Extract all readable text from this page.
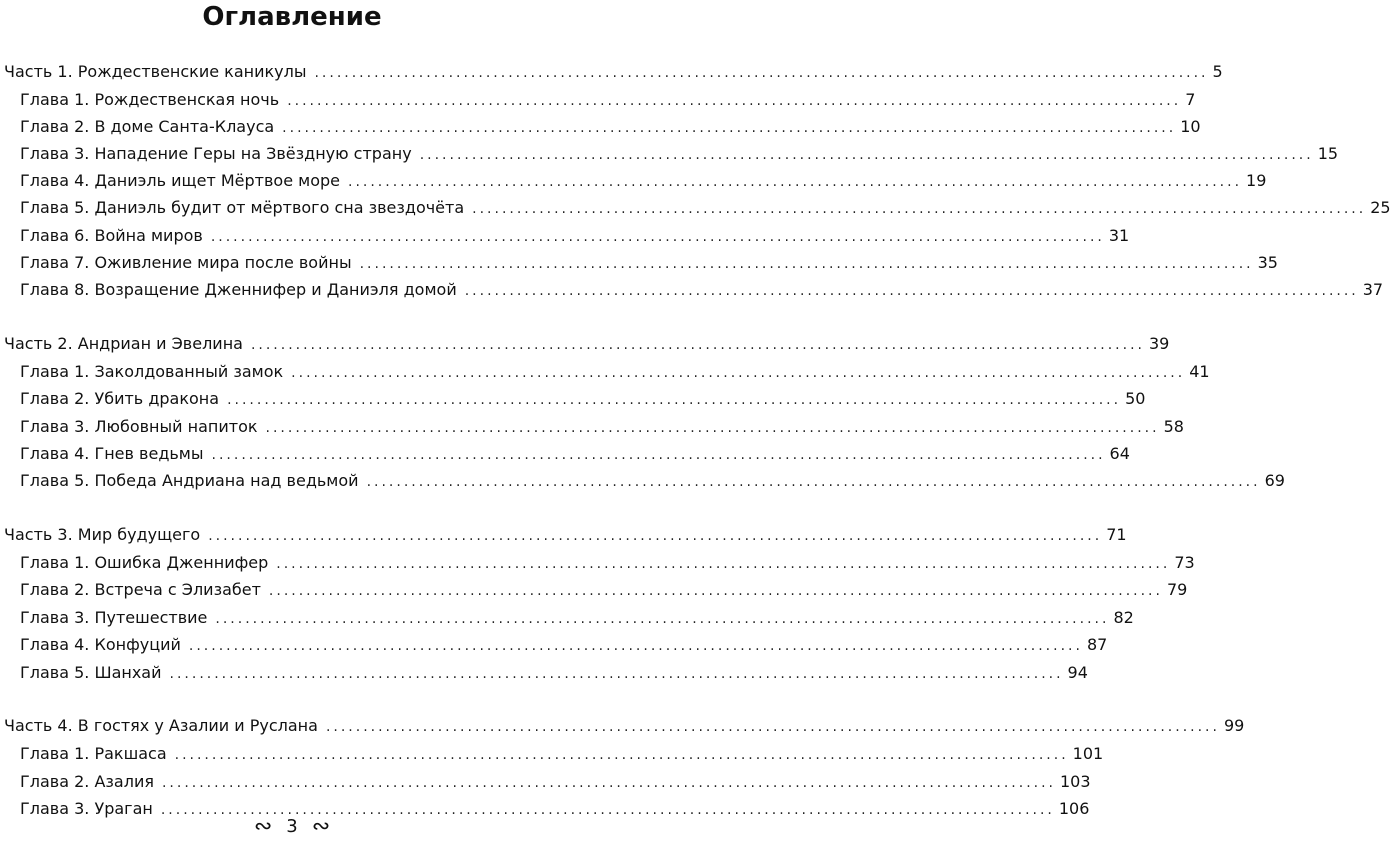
Оглавление
Часть 1. Рождественские каникулы ........................................................................................................................ 5
Глава 1. Рождественская ночь ........................................................................................................................ 7
Глава 2. В доме Санта-Клауса ........................................................................................................................ 10
Глава 3. Нападение Геры на Звёздную страну ........................................................................................................................ 15
Глава 4. Даниэль ищет Мёртвое море ........................................................................................................................ 19
Глава 5. Даниэль будит от мёртвого сна звездочёта ........................................................................................................................ 25
Глава 6. Война миров ........................................................................................................................ 31
Глава 7. Оживление мира после войны ........................................................................................................................ 35
Глава 8. Возращение Дженнифер и Даниэля домой ........................................................................................................................ 37
Часть 2. Андриан и Эвелина ........................................................................................................................ 39
Глава 1. Заколдованный замок ........................................................................................................................ 41
Глава 2. Убить дракона ........................................................................................................................ 50
Глава 3. Любовный напиток ........................................................................................................................ 58
Глава 4. Гнев ведьмы ........................................................................................................................ 64
Глава 5. Победа Андриана над ведьмой ........................................................................................................................ 69
Часть 3. Мир будущего ........................................................................................................................ 71
Глава 1. Ошибка Дженнифер ........................................................................................................................ 73
Глава 2. Встреча с Элизабет ........................................................................................................................ 79
Глава 3. Путешествие ........................................................................................................................ 82
Глава 4. Конфуций ........................................................................................................................ 87
Глава 5. Шанхай ........................................................................................................................ 94
Часть 4. В гостях у Азалии и Руслана ........................................................................................................................ 99
Глава 1. Ракшаса ........................................................................................................................ 101
Глава 2. Азалия ........................................................................................................................ 103
Глава 3. Ураган ........................................................................................................................ 106
∾ 3 ∾
